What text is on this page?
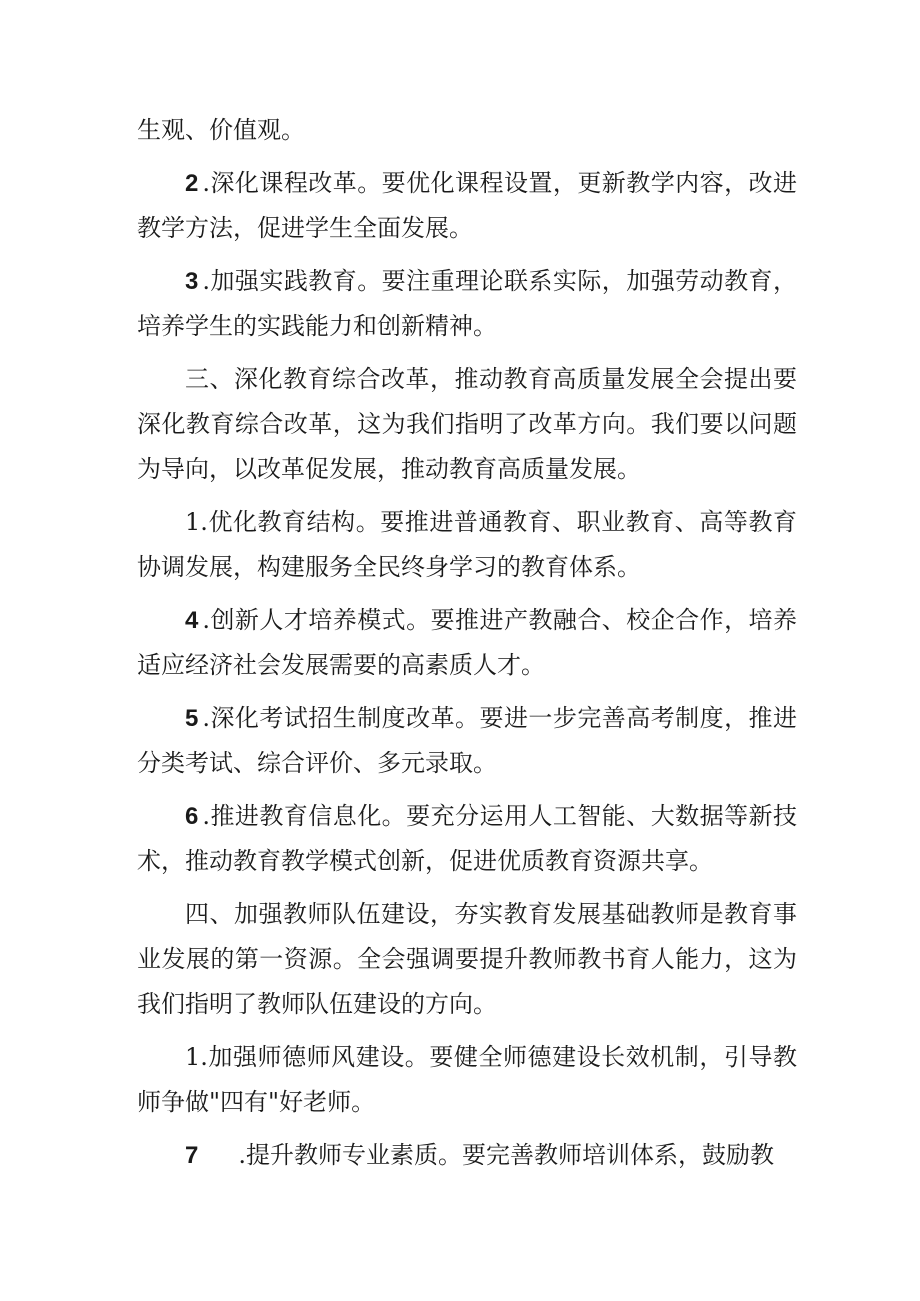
生观、价值观。

2 .深化课程改革。要优化课程设置，更新教学内容，改进教学方法，促进学生全面发展。

3 .加强实践教育。要注重理论联系实际，加强劳动教育，培养学生的实践能力和创新精神。

三、深化教育综合改革，推动教育高质量发展全会提出要深化教育综合改革，这为我们指明了改革方向。我们要以问题为导向，以改革促发展，推动教育高质量发展。

1.优化教育结构。要推进普通教育、职业教育、高等教育协调发展，构建服务全民终身学习的教育体系。

4 .创新人才培养模式。要推进产教融合、校企合作，培养适应经济社会发展需要的高素质人才。

5 .深化考试招生制度改革。要进一步完善高考制度，推进分类考试、综合评价、多元录取。

6 .推进教育信息化。要充分运用人工智能、大数据等新技术，推动教育教学模式创新，促进优质教育资源共享。

四、加强教师队伍建设，夯实教育发展基础教师是教育事业发展的第一资源。全会强调要提升教师教书育人能力，这为我们指明了教师队伍建设的方向。

1.加强师德师风建设。要健全师德建设长效机制，引导教师争做"四有"好老师。

7 .提升教师专业素质。要完善教师培训体系，鼓励教
